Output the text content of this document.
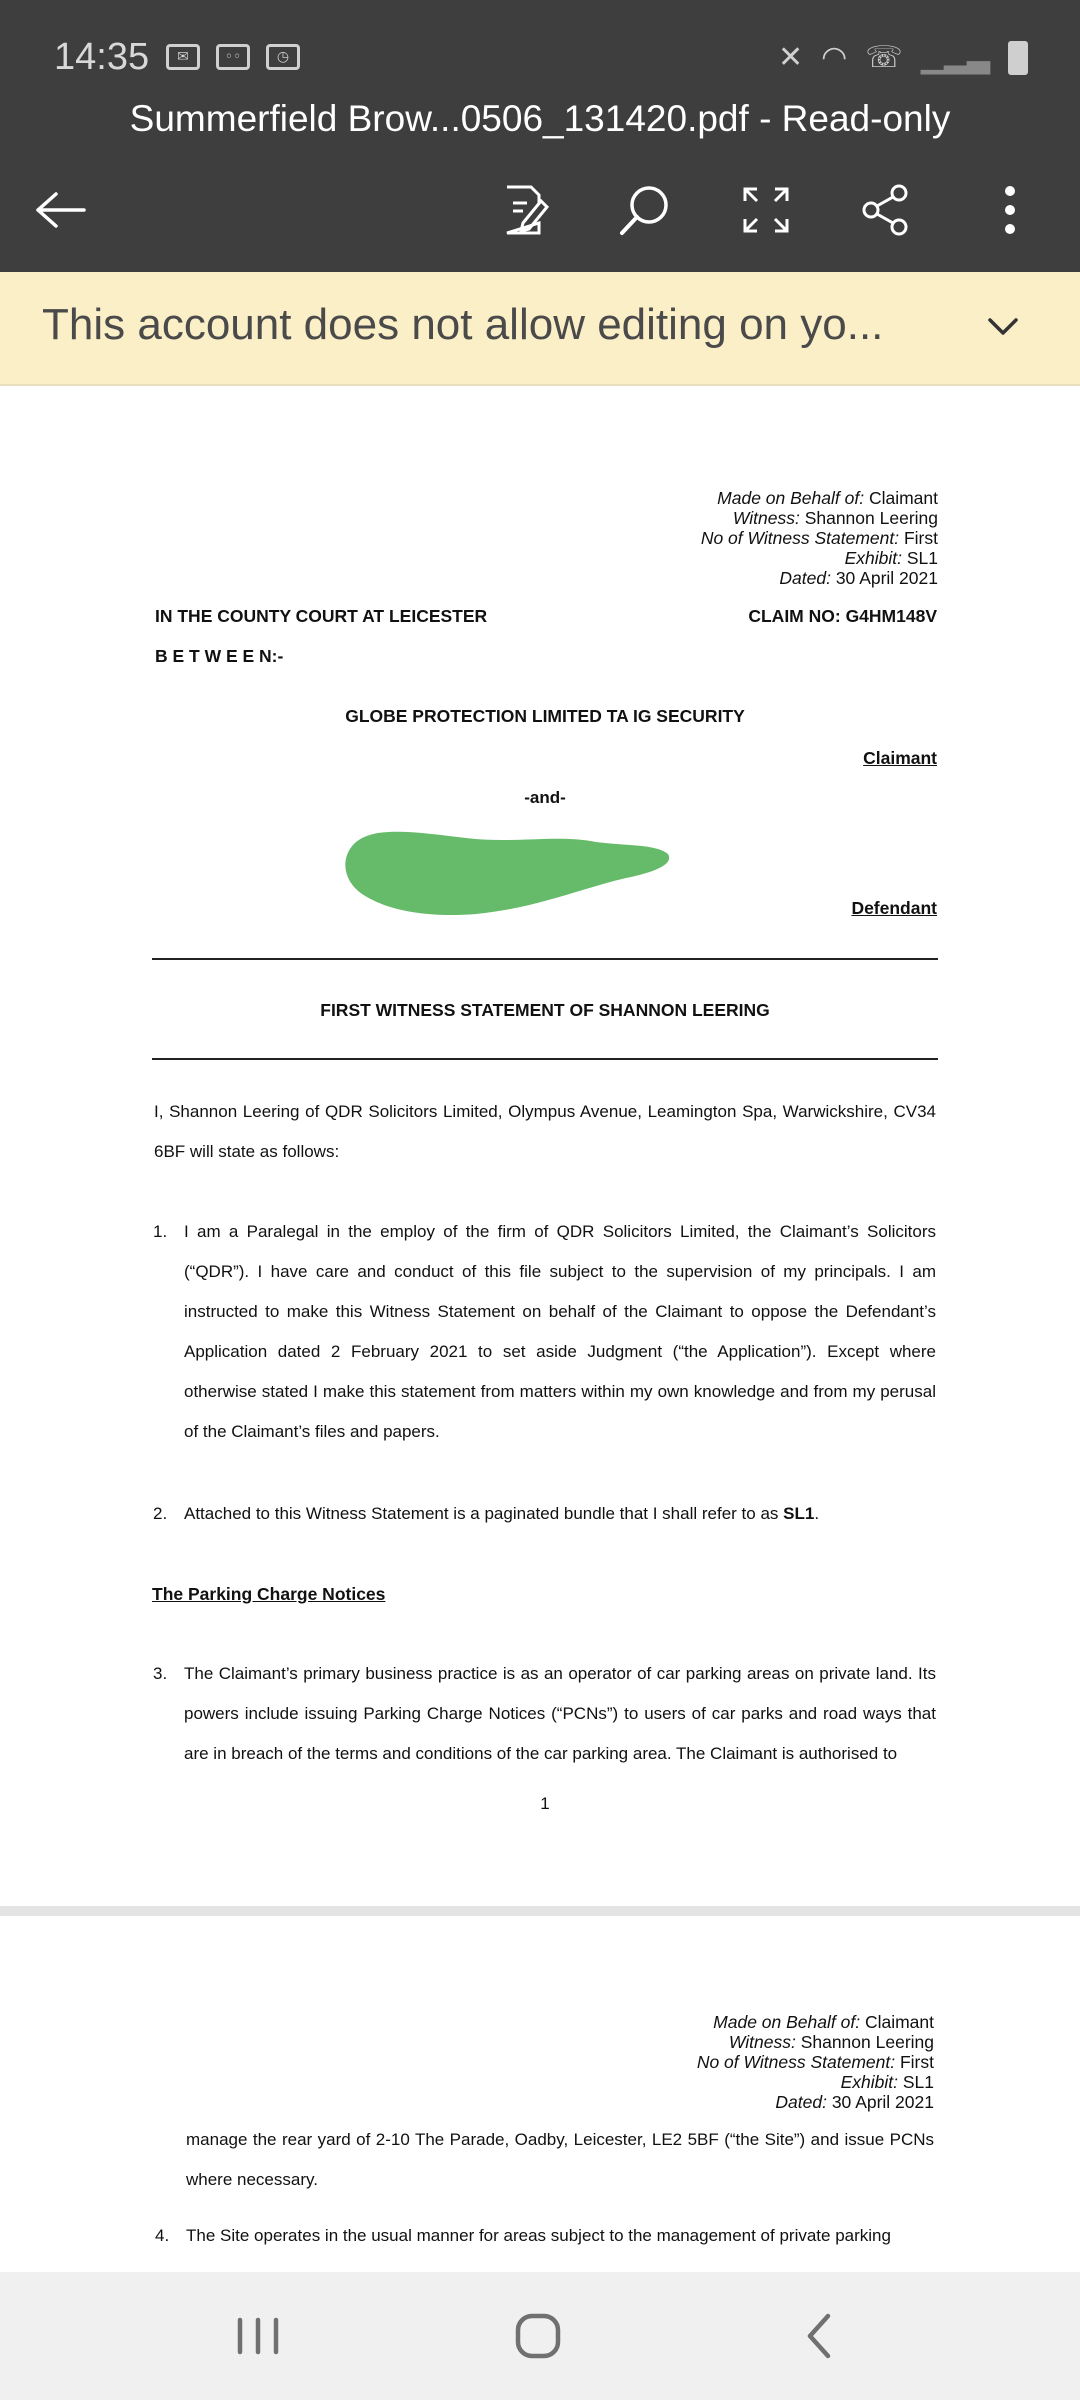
14:35	✉	◦◦	◷	✕ ◠ ☏ ▁▂▃
Summerfield Brow...0506_131420.pdf - Read-only
This account does not allow editing on yo...
Made on Behalf of: Claimant
Witness: Shannon Leering
No of Witness Statement: First
Exhibit: SL1
Dated: 30 April 2021
IN THE COUNTY COURT AT LEICESTER	CLAIM NO: G4HM148V
B E T W E E N:-
GLOBE PROTECTION LIMITED TA IG SECURITY
Claimant
-and-
Defendant
FIRST WITNESS STATEMENT OF SHANNON LEERING
I, Shannon Leering of QDR Solicitors Limited, Olympus Avenue, Leamington Spa, Warwickshire, CV34 6BF will state as follows:
1. I am a Paralegal in the employ of the firm of QDR Solicitors Limited, the Claimant’s Solicitors (“QDR”). I have care and conduct of this file subject to the supervision of my principals. I am instructed to make this Witness Statement on behalf of the Claimant to oppose the Defendant’s Application dated 2 February 2021 to set aside Judgment (“the Application”). Except where otherwise stated I make this statement from matters within my own knowledge and from my perusal of the Claimant’s files and papers.
2. Attached to this Witness Statement is a paginated bundle that I shall refer to as SL1.
The Parking Charge Notices
3. The Claimant’s primary business practice is as an operator of car parking areas on private land. Its powers include issuing Parking Charge Notices (“PCNs”) to users of car parks and road ways that are in breach of the terms and conditions of the car parking area. The Claimant is authorised to
1
Made on Behalf of: Claimant
Witness: Shannon Leering
No of Witness Statement: First
Exhibit: SL1
Dated: 30 April 2021
manage the rear yard of 2-10 The Parade, Oadby, Leicester, LE2 5BF (“the Site”) and issue PCNs where necessary.
4. The Site operates in the usual manner for areas subject to the management of private parking
